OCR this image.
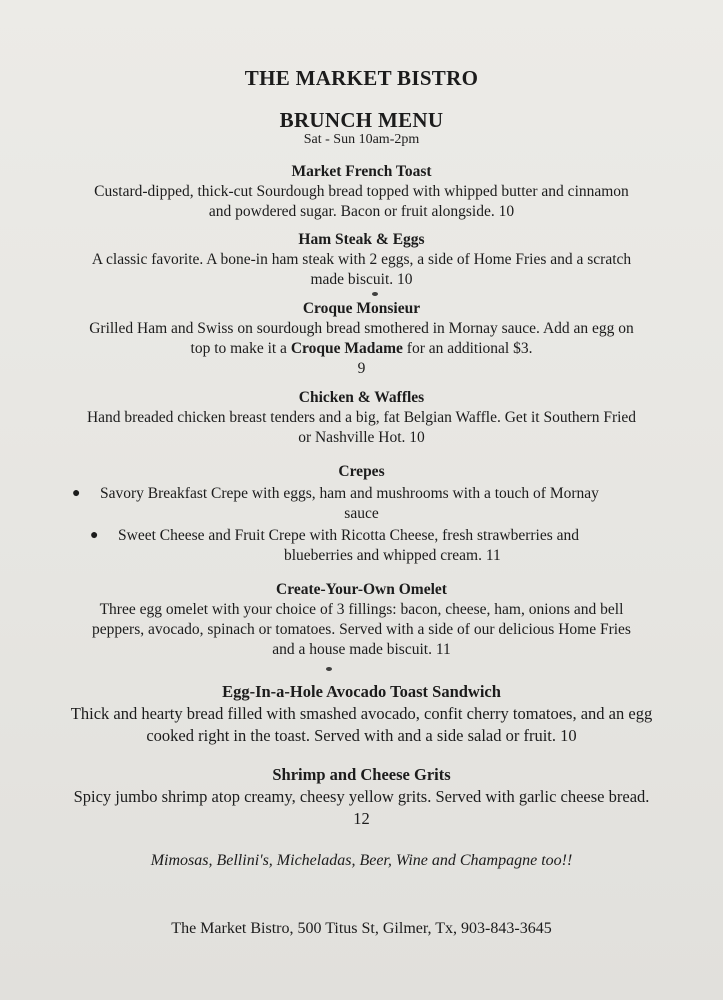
THE MARKET BISTRO
BRUNCH MENU
Sat - Sun 10am-2pm
Market French Toast
Custard-dipped, thick-cut Sourdough bread topped with whipped butter and cinnamon
and powdered sugar. Bacon or fruit alongside. 10
Ham Steak & Eggs
A classic favorite. A bone-in ham steak with 2 eggs, a side of Home Fries and a scratch
made biscuit. 10
Croque Monsieur
Grilled Ham and Swiss on sourdough bread smothered in Mornay sauce. Add an egg on
top to make it a Croque Madame for an additional $3.
9
Chicken & Waffles
Hand breaded chicken breast tenders and a big, fat Belgian Waffle. Get it Southern Fried
or Nashville Hot. 10
Crepes
● Savory Breakfast Crepe with eggs, ham and mushrooms with a touch of Mornay
sauce
● Sweet Cheese and Fruit Crepe with Ricotta Cheese, fresh strawberries and
blueberries and whipped cream. 11
Create-Your-Own Omelet
Three egg omelet with your choice of 3 fillings: bacon, cheese, ham, onions and bell
peppers, avocado, spinach or tomatoes. Served with a side of our delicious Home Fries
and a house made biscuit. 11
Egg-In-a-Hole Avocado Toast Sandwich
Thick and hearty bread filled with smashed avocado, confit cherry tomatoes, and an egg
cooked right in the toast. Served with and a side salad or fruit. 10
Shrimp and Cheese Grits
Spicy jumbo shrimp atop creamy, cheesy yellow grits. Served with garlic cheese bread.
12
Mimosas, Bellini's, Micheladas, Beer, Wine and Champagne too!!
The Market Bistro, 500 Titus St, Gilmer, Tx, 903-843-3645
